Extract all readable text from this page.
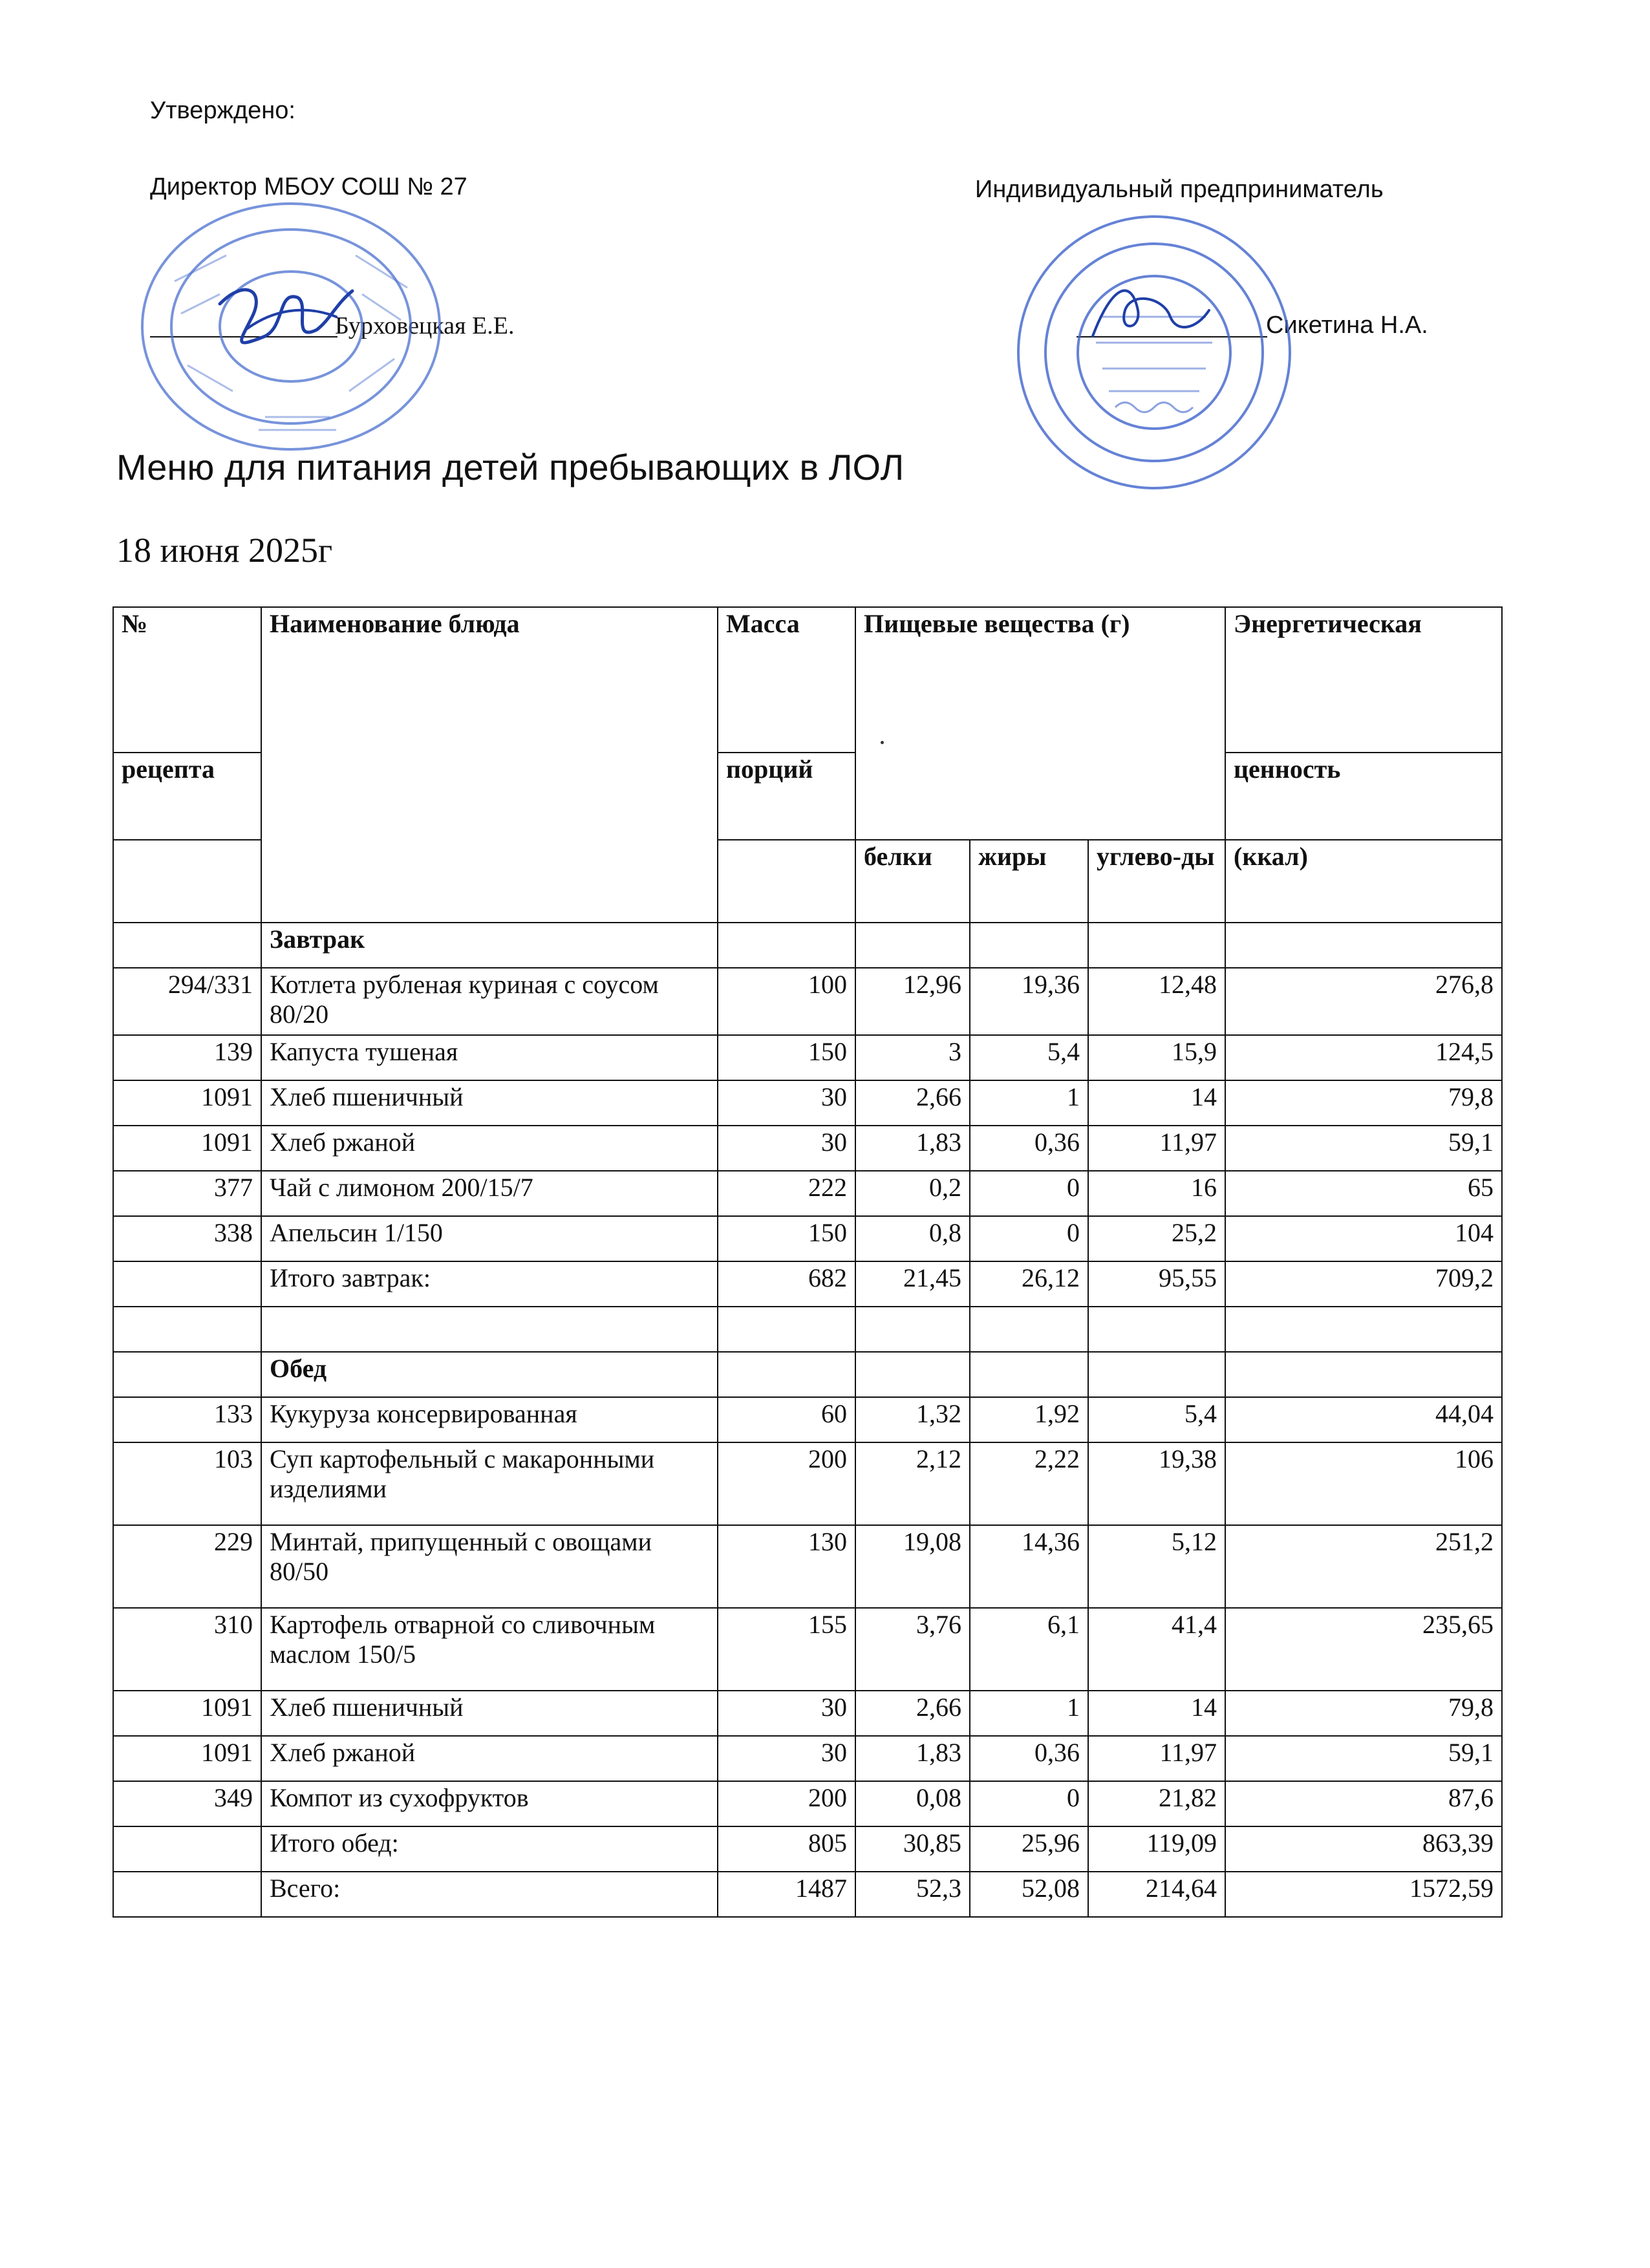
Утверждено:
Директор МБОУ СОШ № 27
Бурховецкая Е.Е.
Индивидуальный предприниматель
Сикетина Н.А.
Меню для питания детей пребывающих в ЛОЛ
18 июня 2025г
№	Наименование блюда	Масса	Пищевые вещества (г)			Энергетическая
рецепта		порций				ценность
			белки	жиры	углево-ды	(ккал)
	Завтрак					
294/331	Котлета рубленая куриная с соусом 80/20	100	12,96	19,36	12,48	276,8
139	Капуста тушеная	150	3	5,4	15,9	124,5
1091	Хлеб пшеничный	30	2,66	1	14	79,8
1091	Хлеб ржаной	30	1,83	0,36	11,97	59,1
377	Чай с лимоном 200/15/7	222	0,2	0	16	65
338	Апельсин 1/150	150	0,8	0	25,2	104
	Итого завтрак:	682	21,45	26,12	95,55	709,2

	Обед					
133	Кукуруза консервированная	60	1,32	1,92	5,4	44,04
103	Суп картофельный с макаронными изделиями	200	2,12	2,22	19,38	106
229	Минтай, припущенный с овощами 80/50	130	19,08	14,36	5,12	251,2
310	Картофель отварной со сливочным маслом 150/5	155	3,76	6,1	41,4	235,65
1091	Хлеб пшеничный	30	2,66	1	14	79,8
1091	Хлеб ржаной	30	1,83	0,36	11,97	59,1
349	Компот из сухофруктов	200	0,08	0	21,82	87,6
	Итого обед:	805	30,85	25,96	119,09	863,39
	Всего:	1487	52,3	52,08	214,64	1572,59
